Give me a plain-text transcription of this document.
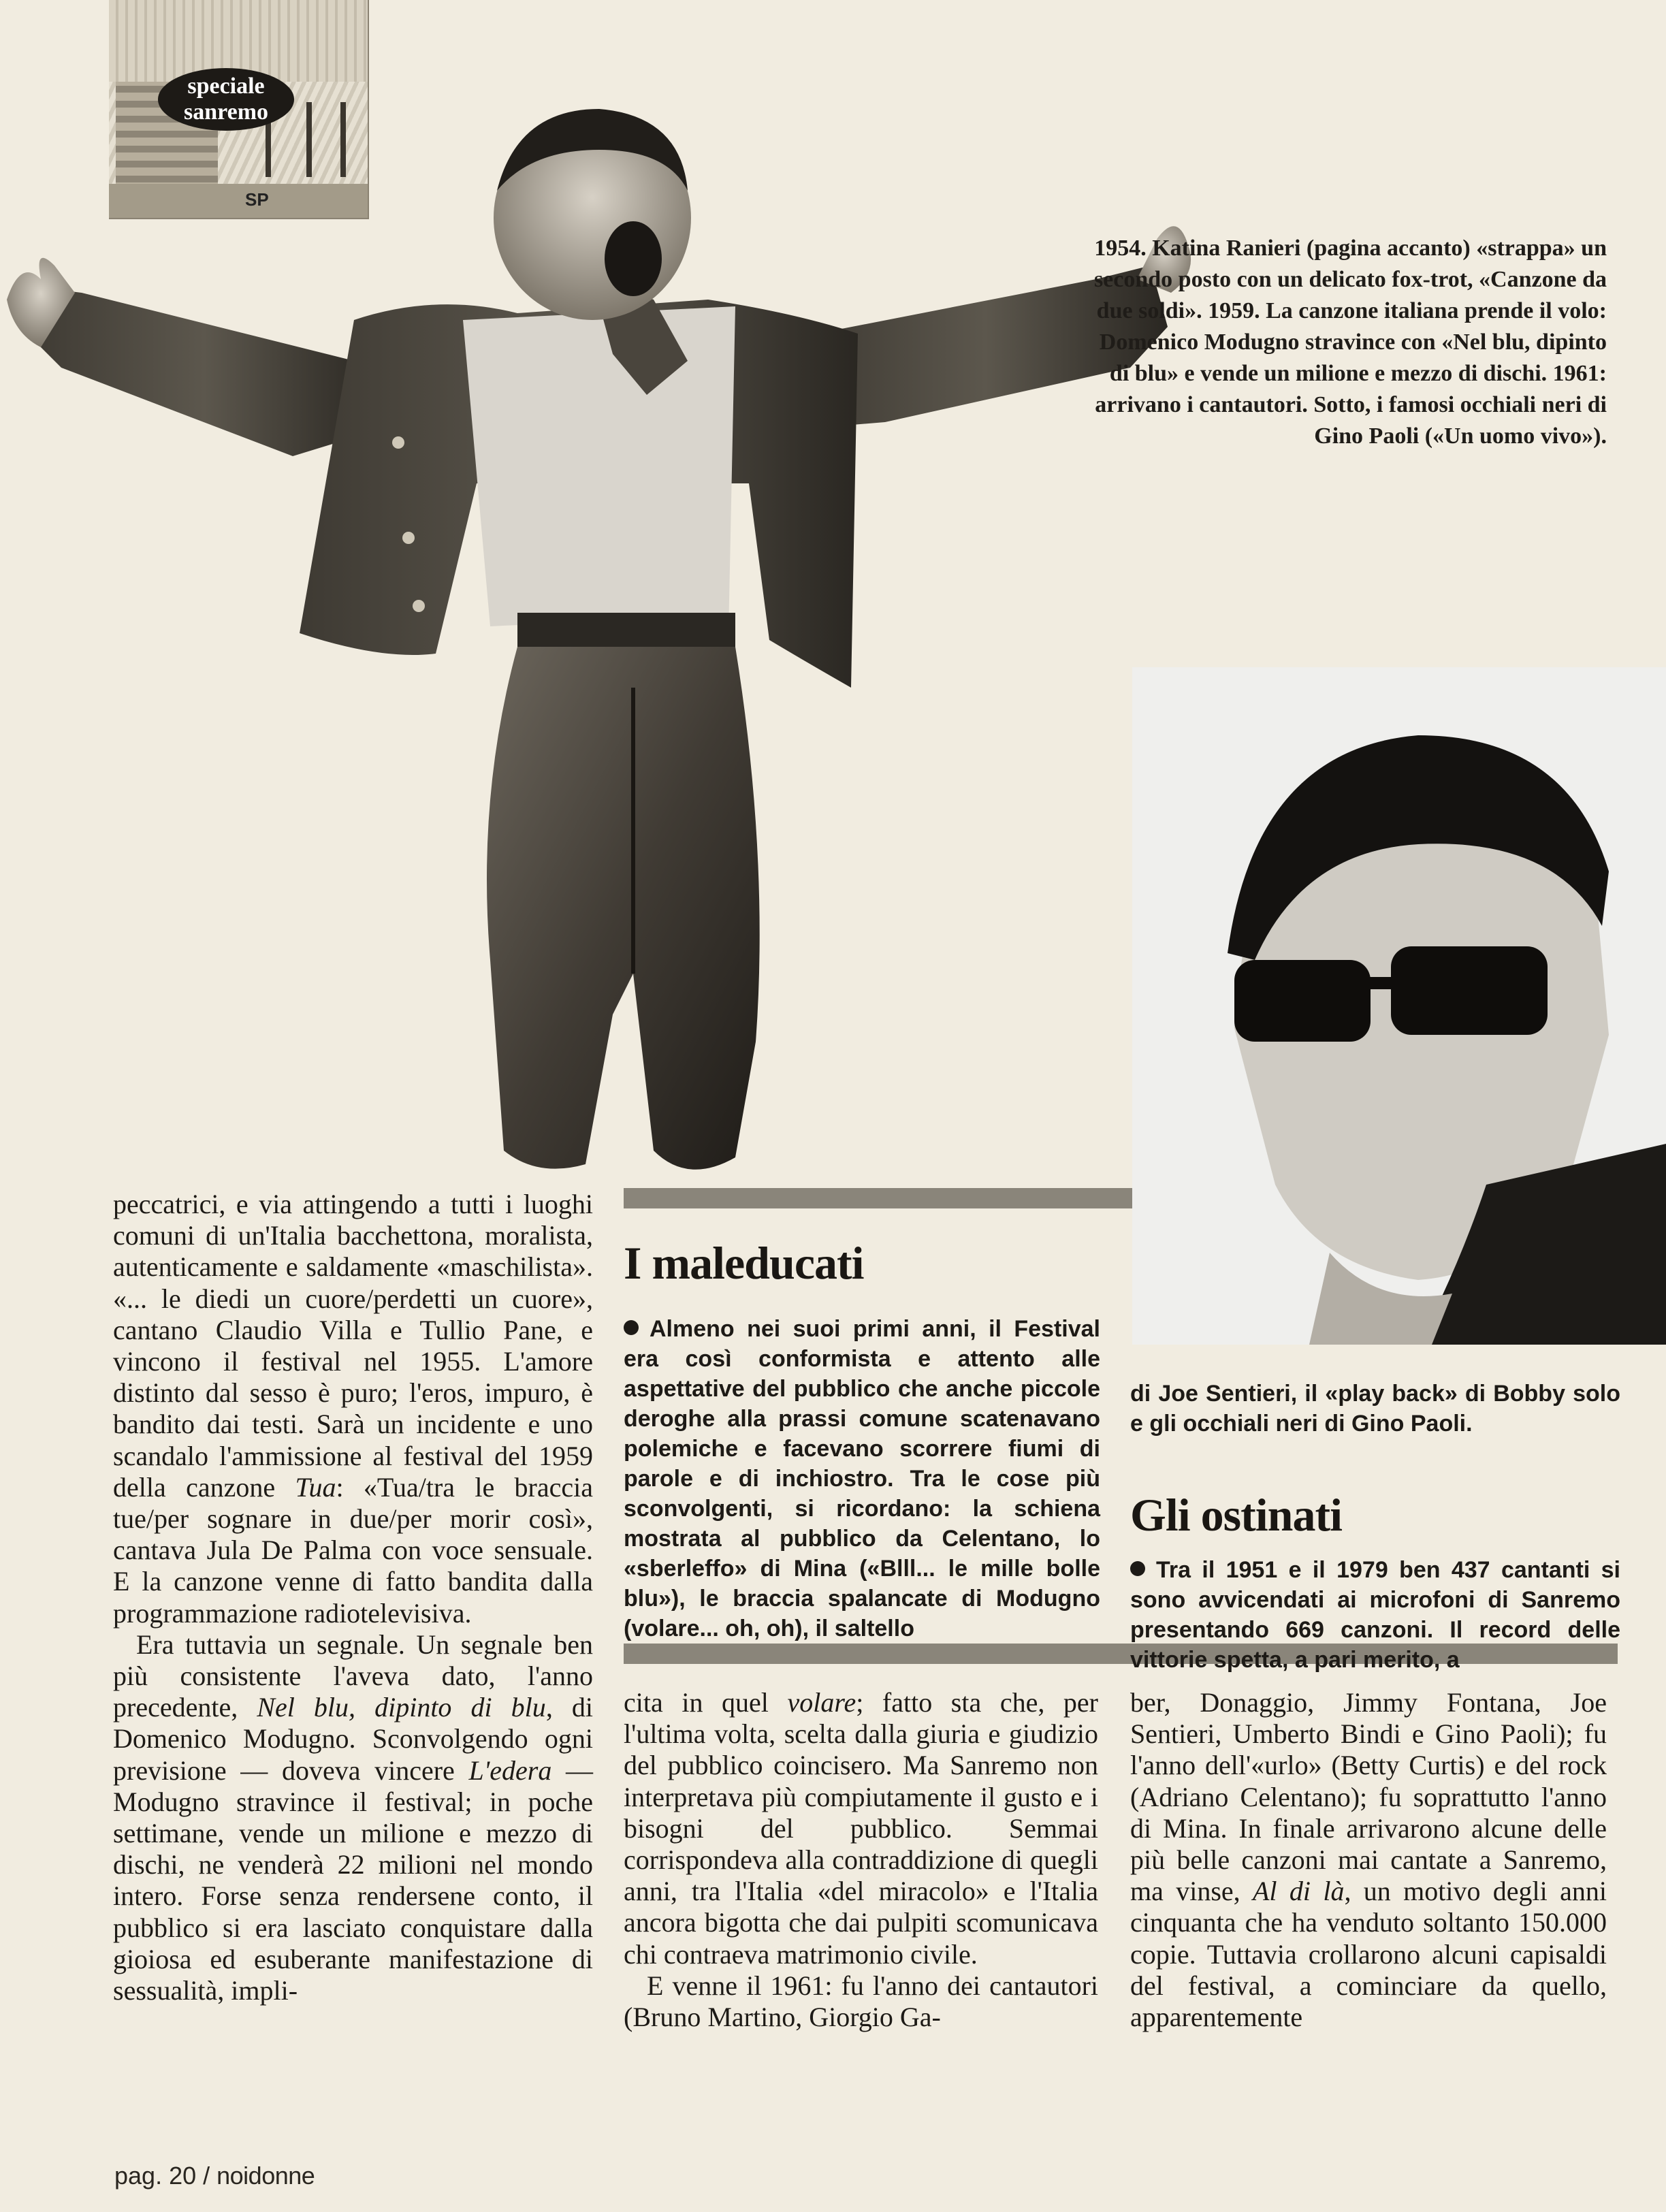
SP
speciale sanremo
1954. Katina Ranieri (pagina accanto) «strappa» un secondo posto con un delicato fox-trot, «Canzone da due soldi». 1959. La canzone italiana prende il volo: Domenico Modugno stravince con «Nel blu, dipinto di blu» e vende un milione e mezzo di dischi. 1961: arrivano i cantautori. Sotto, i famosi occhiali neri di Gino Paoli («Un uomo vivo»).

peccatrici, e via attingendo a tutti i luoghi comuni di un'Italia bacchettona, moralista, autenticamente e saldamente «maschilista». «... le diedi un cuore/perdetti un cuore», cantano Claudio Villa e Tullio Pane, e vincono il festival nel 1955. L'amore distinto dal sesso è puro; l'eros, impuro, è bandito dai testi. Sarà un incidente e uno scandalo l'ammissione al festival del 1959 della canzone Tua: «Tua/tra le braccia tue/per sognare in due/per morir così», cantava Jula De Palma con voce sensuale. E la canzone venne di fatto bandita dalla programmazione radiotelevisiva.

Era tuttavia un segnale. Un segnale ben più consistente l'aveva dato, l'anno precedente, Nel blu, dipinto di blu, di Domenico Modugno. Sconvolgendo ogni previsione — doveva vincere L'edera — Modugno stravince il festival; in poche settimane, vende un milione e mezzo di dischi, ne venderà 22 milioni nel mondo intero. Forse senza rendersene conto, il pubblico si era lasciato conquistare dalla gioiosa ed esuberante manifestazione di sessualità, impli-

I maleducati
Almeno nei suoi primi anni, il Festival era così conformista e attento alle aspettative del pubblico che anche piccole deroghe alla prassi comune scatenavano polemiche e facevano scorrere fiumi di parole e di inchiostro. Tra le cose più sconvolgenti, si ricordano: la schiena mostrata al pubblico da Celentano, lo «sberleffo» di Mina («Blll... le mille bolle blu»), le braccia spalancate di Modugno (volare... oh, oh), il saltello

cita in quel volare; fatto sta che, per l'ultima volta, scelta dalla giuria e giudizio del pubblico coincisero. Ma Sanremo non interpretava più compiutamente il gusto e i bisogni del pubblico. Semmai corrispondeva alla contraddizione di quegli anni, tra l'Italia «del miracolo» e l'Italia ancora bigotta che dai pulpiti scomunicava chi contraeva matrimonio civile.

E venne il 1961: fu l'anno dei cantautori (Bruno Martino, Giorgio Ga-

di Joe Sentieri, il «play back» di Bobby solo e gli occhiali neri di Gino Paoli.
Gli ostinati
Tra il 1951 e il 1979 ben 437 cantanti si sono avvicendati ai microfoni di Sanremo presentando 669 canzoni. Il record delle vittorie spetta, a pari merito, a

ber, Donaggio, Jimmy Fontana, Joe Sentieri, Umberto Bindi e Gino Paoli); fu l'anno dell'«urlo» (Betty Curtis) e del rock (Adriano Celentano); fu soprattutto l'anno di Mina. In finale arrivarono alcune delle più belle canzoni mai cantate a Sanremo, ma vinse, Al di là, un motivo degli anni cinquanta che ha venduto soltanto 150.000 copie. Tuttavia crollarono alcuni capisaldi del festival, a cominciare da quello, apparentemente

pag. 20 / noidonne
